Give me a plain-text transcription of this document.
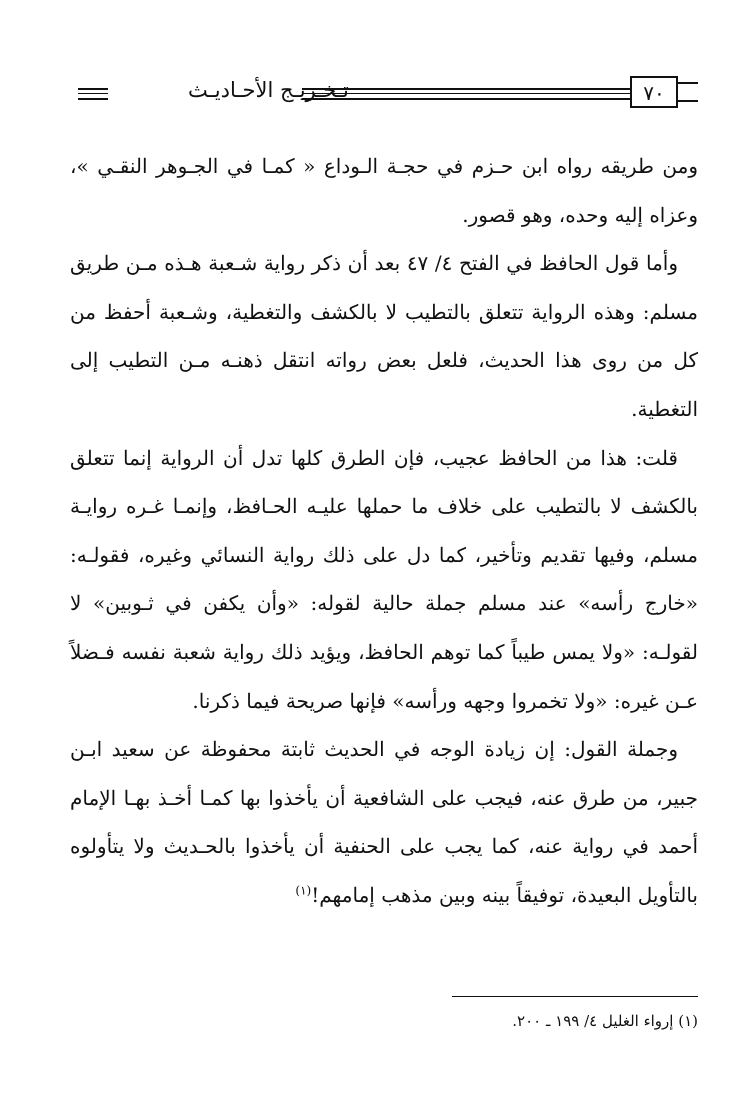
تـخـريـج الأحـاديـث	٧٠

ومن طريقه رواه ابن حـزم في حجـة الـوداع « كمـا في الجـوهر النقـي »، وعزاه إليه وحده، وهو قصور.

وأما قول الحافظ في الفتح ٤/ ٤٧ بعد أن ذكر رواية شـعبة هـذه مـن طريق مسلم: وهذه الرواية تتعلق بالتطيب لا بالكشف والتغطية، وشـعبة أحفظ من كل من روى هذا الحديث، فلعل بعض رواته انتقل ذهنـه مـن التطيب إلى التغطية.

قلت: هذا من الحافظ عجيب، فإن الطرق كلها تدل أن الرواية إنما تتعلق بالكشف لا بالتطيب على خلاف ما حملها عليـه الحـافظ، وإنمـا غـره روايـة مسلم، وفيها تقديم وتأخير، كما دل على ذلك رواية النسائي وغيره، فقولـه: «خارج رأسه» عند مسلم جملة حالية لقوله: «وأن يكفن في ثـوبين» لا لقولـه: «ولا يمس طيباً كما توهم الحافظ، ويؤيد ذلك رواية شعبة نفسه فـضلاً عـن غيره: «ولا تخمروا وجهه ورأسه» فإنها صريحة فيما ذكرنا.

وجملة القول: إن زيادة الوجه في الحديث ثابتة محفوظة عن سعيد ابـن جبير، من طرق عنه، فيجب على الشافعية أن يأخذوا بها كمـا أخـذ بهـا الإمام أحمد في رواية عنه، كما يجب على الحنفية أن يأخذوا بالحـديث ولا يتأولوه بالتأويل البعيدة، توفيقاً بينه وبين مذهب إمامهم!$^{(١)}$

(١) إرواء الغليل ٤/ ١٩٩ ـ ٢٠٠.
